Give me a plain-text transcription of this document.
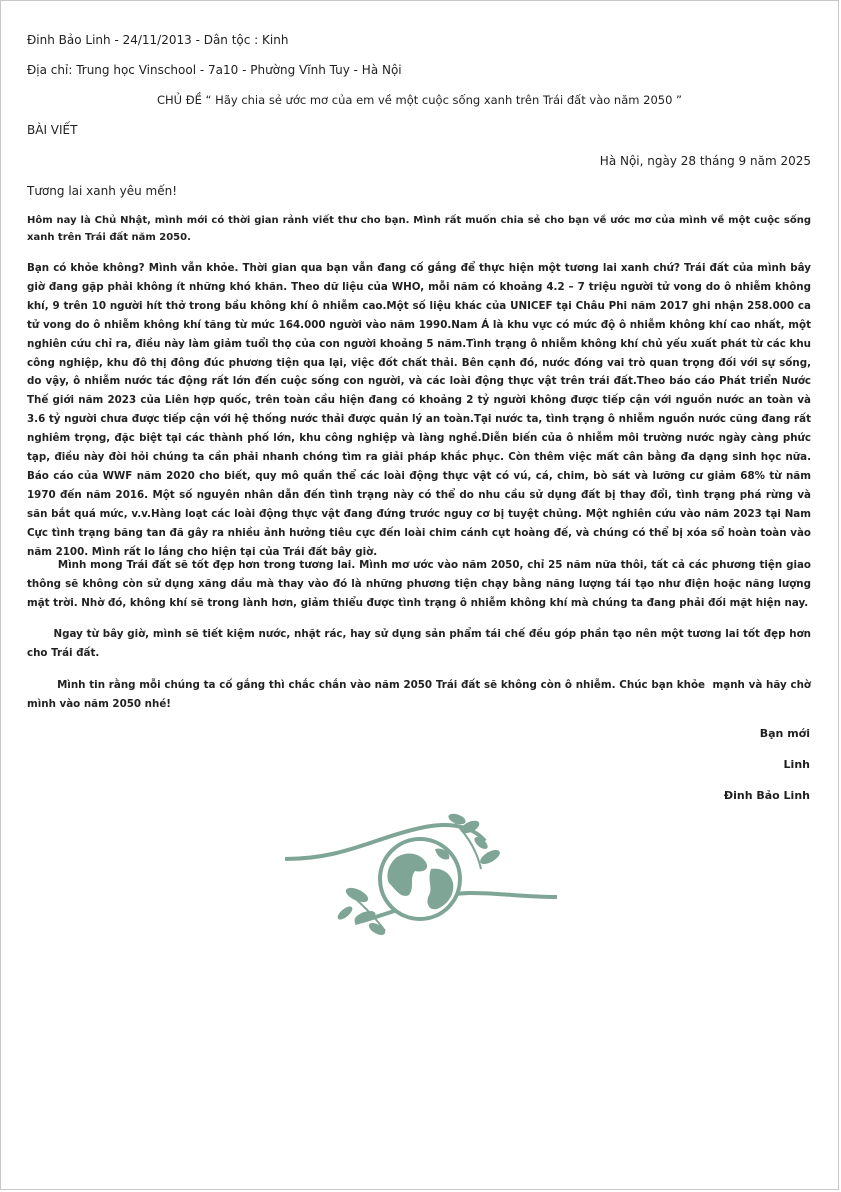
Đinh Bảo Linh - 24/11/2013 - Dân tộc : Kinh
Địa chỉ: Trung học Vinschool - 7a10 - Phường Vĩnh Tuy - Hà Nội
CHỦ ĐỀ “ Hãy chia sẻ ước mơ của em về một cuộc sống xanh trên Trái đất vào năm 2050 ”
BÀI VIẾT
Hà Nội, ngày 28 tháng 9 năm 2025
Tương lai xanh yêu mến!
Hôm nay là Chủ Nhật, mình mới có thời gian rảnh viết thư cho bạn. Mình rất muốn chia sẻ cho bạn về ước mơ của mình về một cuộc sống xanh trên Trái đất năm 2050.
Bạn có khỏe không? Mình vẫn khỏe. Thời gian qua bạn vẫn đang cố gắng để thực hiện một tương lai xanh chứ? Trái đất của mình bây giờ đang gặp phải không ít những khó khăn. Theo dữ liệu của WHO, mỗi năm có khoảng 4.2 – 7 triệu người tử vong do ô nhiễm không khí, 9 trên 10 người hít thở trong bầu không khí ô nhiễm cao.Một số liệu khác của UNICEF tại Châu Phi năm 2017 ghi nhận 258.000 ca tử vong do ô nhiễm không khí tăng từ mức 164.000 người vào năm 1990.Nam Á là khu vực có mức độ ô nhiễm không khí cao nhất, một nghiên cứu chỉ ra, điều này làm giảm tuổi thọ của con người khoảng 5 năm.Tình trạng ô nhiễm không khí chủ yếu xuất phát từ các khu công nghiệp, khu đô thị đông đúc phương tiện qua lại, việc đốt chất thải. Bên cạnh đó, nước đóng vai trò quan trọng đối với sự sống, do vậy, ô nhiễm nước tác động rất lớn đến cuộc sống con người, và các loài động thực vật trên trái đất.Theo báo cáo Phát triển Nước Thế giới năm 2023 của Liên hợp quốc, trên toàn cầu hiện đang có khoảng 2 tỷ người không được tiếp cận với nguồn nước an toàn và 3.6 tỷ người chưa được tiếp cận với hệ thống nước thải được quản lý an toàn.Tại nước ta, tình trạng ô nhiễm nguồn nước cũng đang rất nghiêm trọng, đặc biệt tại các thành phố lớn, khu công nghiệp và làng nghề.Diễn biến của ô nhiễm môi trường nước ngày càng phức tạp, điều này đòi hỏi chúng ta cần phải nhanh chóng tìm ra giải pháp khắc phục. Còn thêm việc mất cân bằng đa dạng sinh học nữa. Báo cáo của WWF năm 2020 cho biết, quy mô quần thể các loài động thực vật có vú, cá, chim, bò sát và lưỡng cư giảm 68% từ năm 1970 đến năm 2016. Một số nguyên nhân dẫn đến tình trạng này có thể do nhu cầu sử dụng đất bị thay đổi, tình trạng phá rừng và săn bắt quá mức, v.v.Hàng loạt các loài động thực vật đang đứng trước nguy cơ bị tuyệt chủng. Một nghiên cứu vào năm 2023 tại Nam Cực tình trạng băng tan đã gây ra nhiều ảnh hưởng tiêu cực đến loài chim cánh cụt hoàng đế, và chúng có thể bị xóa sổ hoàn toàn vào năm 2100. Mình rất lo lắng cho hiện tại của Trái đất bây giờ.
Mình mong Trái đất sẽ tốt đẹp hơn trong tương lai. Mình mơ ước vào năm 2050, chỉ 25 năm nữa thôi, tất cả các phương tiện giao thông sẽ không còn sử dụng xăng dầu mà thay vào đó là những phương tiện chạy bằng năng lượng tái tạo như điện hoặc năng lượng mặt trời. Nhờ đó, không khí sẽ trong lành hơn, giảm thiểu được tình trạng ô nhiễm không khí mà chúng ta đang phải đối mặt hiện nay.
Ngay từ bây giờ, mình sẽ tiết kiệm nước, nhặt rác, hay sử dụng sản phẩm tái chế đều góp phần tạo nên một tương lai tốt đẹp hơn cho Trái đất.
Mình tin rằng mỗi chúng ta cố gắng thì chắc chắn vào năm 2050 Trái đất sẽ không còn ô nhiễm. Chúc bạn khỏe  mạnh và hãy chờ mình vào năm 2050 nhé!
Bạn mới
Linh
Đinh Bảo Linh
